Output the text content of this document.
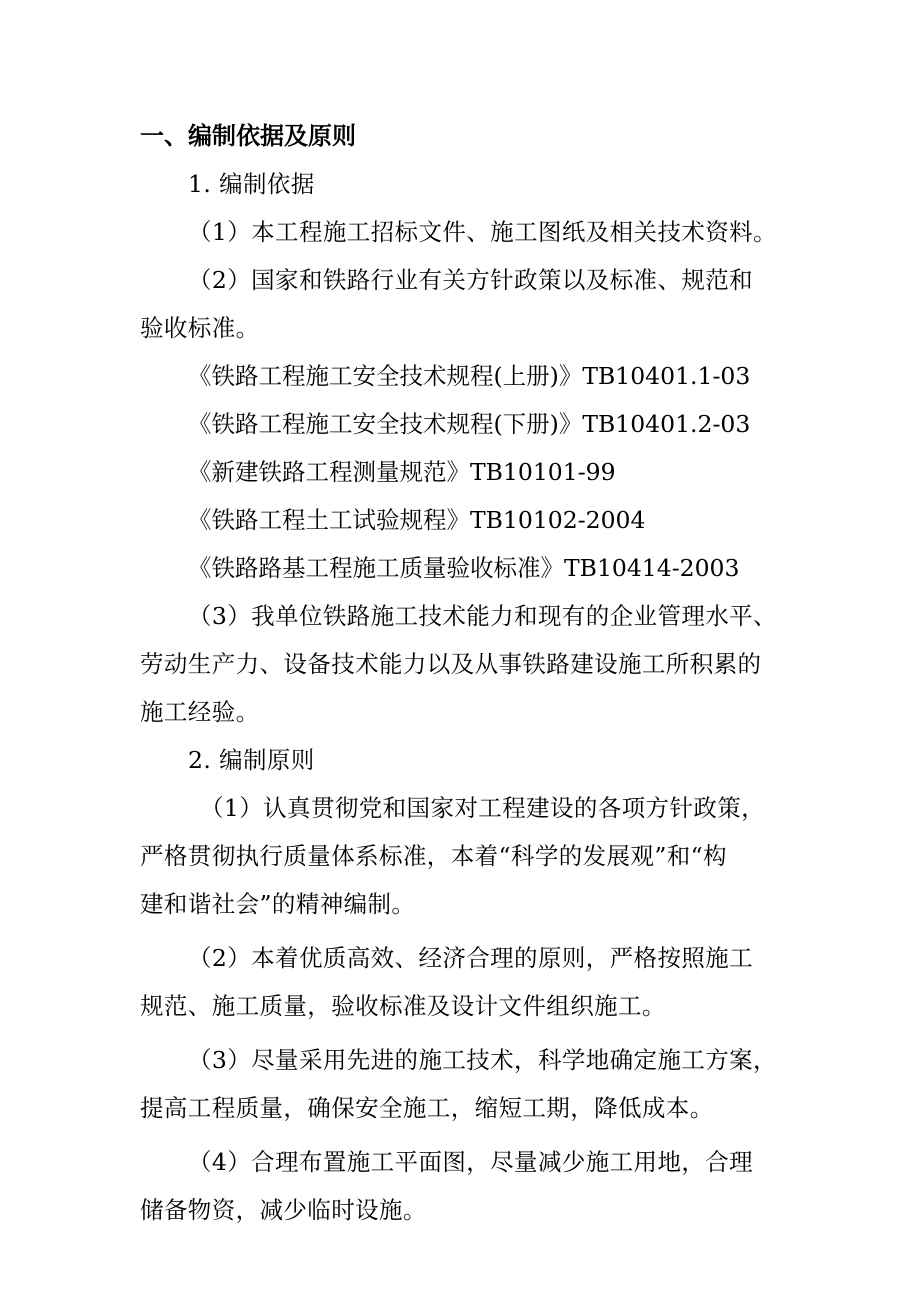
一、编制依据及原则
1. 编制依据
（1）本工程施工招标文件、施工图纸及相关技术资料。
（2）国家和铁路行业有关方针政策以及标准、规范和
验收标准。
《铁路工程施工安全技术规程(上册)》TB10401.1-03
《铁路工程施工安全技术规程(下册)》TB10401.2-03
《新建铁路工程测量规范》TB10101-99
《铁路工程土工试验规程》TB10102-2004
《铁路路基工程施工质量验收标准》TB10414-2003
（3）我单位铁路施工技术能力和现有的企业管理水平、
劳动生产力、设备技术能力以及从事铁路建设施工所积累的
施工经验。
2. 编制原则
（1）认真贯彻党和国家对工程建设的各项方针政策，
严格贯彻执行质量体系标准，本着“科学的发展观”和“构
建和谐社会”的精神编制。
（2）本着优质高效、经济合理的原则，严格按照施工
规范、施工质量，验收标准及设计文件组织施工。
（3）尽量采用先进的施工技术，科学地确定施工方案，
提高工程质量，确保安全施工，缩短工期，降低成本。
（4）合理布置施工平面图，尽量减少施工用地，合理
储备物资，减少临时设施。
